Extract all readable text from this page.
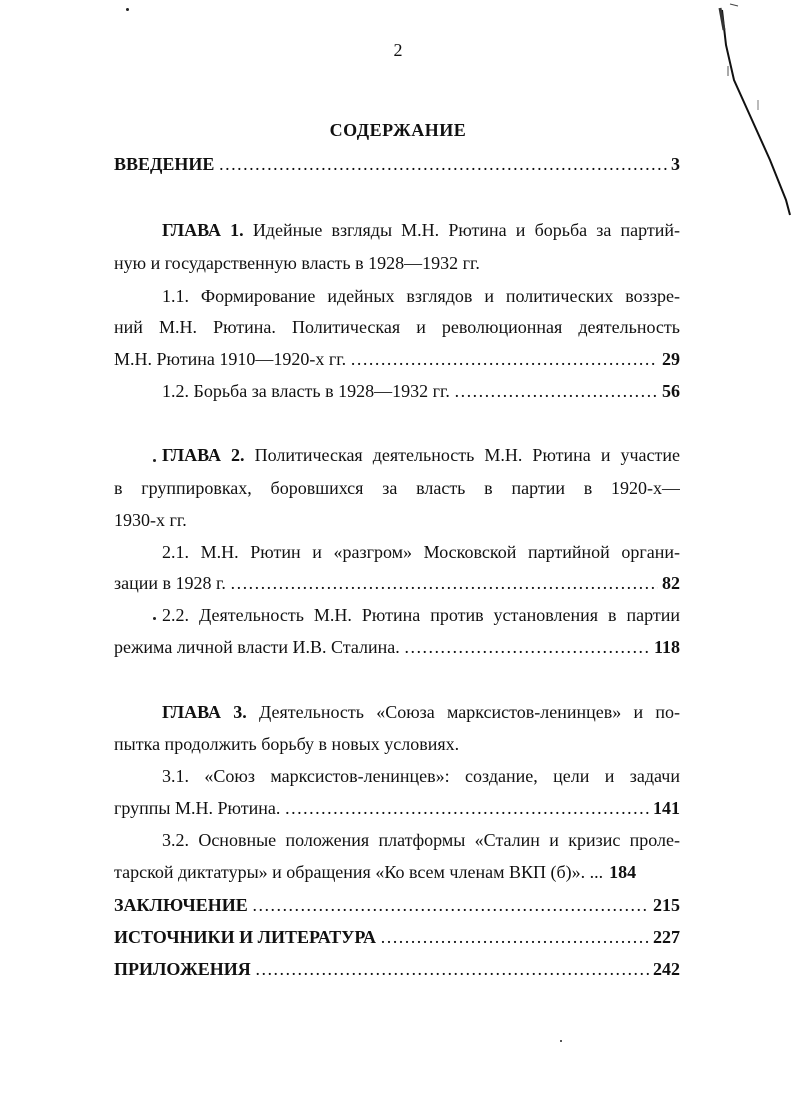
2
СОДЕРЖАНИЕ
ВВЕДЕНИЕ …………………………………………………………………………………………………………………………	3
ГЛАВА 1. Идейные взгляды М.Н. Рютина и борьба за партий-
ную и государственную власть в 1928—1932 гг.
1.1. Формирование идейных взглядов и политических воззре-
ний М.Н. Рютина. Политическая и революционная деятельность
М.Н. Рютина 1910—1920-х гг. …………………………………………………………………………………………………………………………	29
1.2. Борьба за власть в 1928—1932 гг. …………………………………………………………………………………………………………………………	56
ГЛАВА 2. Политическая деятельность М.Н. Рютина и участие
в группировках, боровшихся за власть в партии в 1920-х—
1930-х гг.
2.1. М.Н. Рютин и «разгром» Московской партийной органи-
зации в 1928 г. …………………………………………………………………………………………………………………………	82
2.2. Деятельность М.Н. Рютина против установления в партии
режима личной власти И.В. Сталина. …………………………………………………………………………………………………………………………	118
ГЛАВА 3. Деятельность «Союза марксистов-ленинцев» и по-
пытка продолжить борьбу в новых условиях.
3.1. «Союз марксистов-ленинцев»: создание, цели и задачи
группы М.Н. Рютина. …………………………………………………………………………………………………………………………	141
3.2. Основные положения платформы «Сталин и кризис проле-
тарской диктатуры» и обращения «Ко всем членам ВКП (б)». ... 184
ЗАКЛЮЧЕНИЕ …………………………………………………………………………………………………………………………	215
ИСТОЧНИКИ И ЛИТЕРАТУРА …………………………………………………………………………………………………………………………	227
ПРИЛОЖЕНИЯ …………………………………………………………………………………………………………………………	242
